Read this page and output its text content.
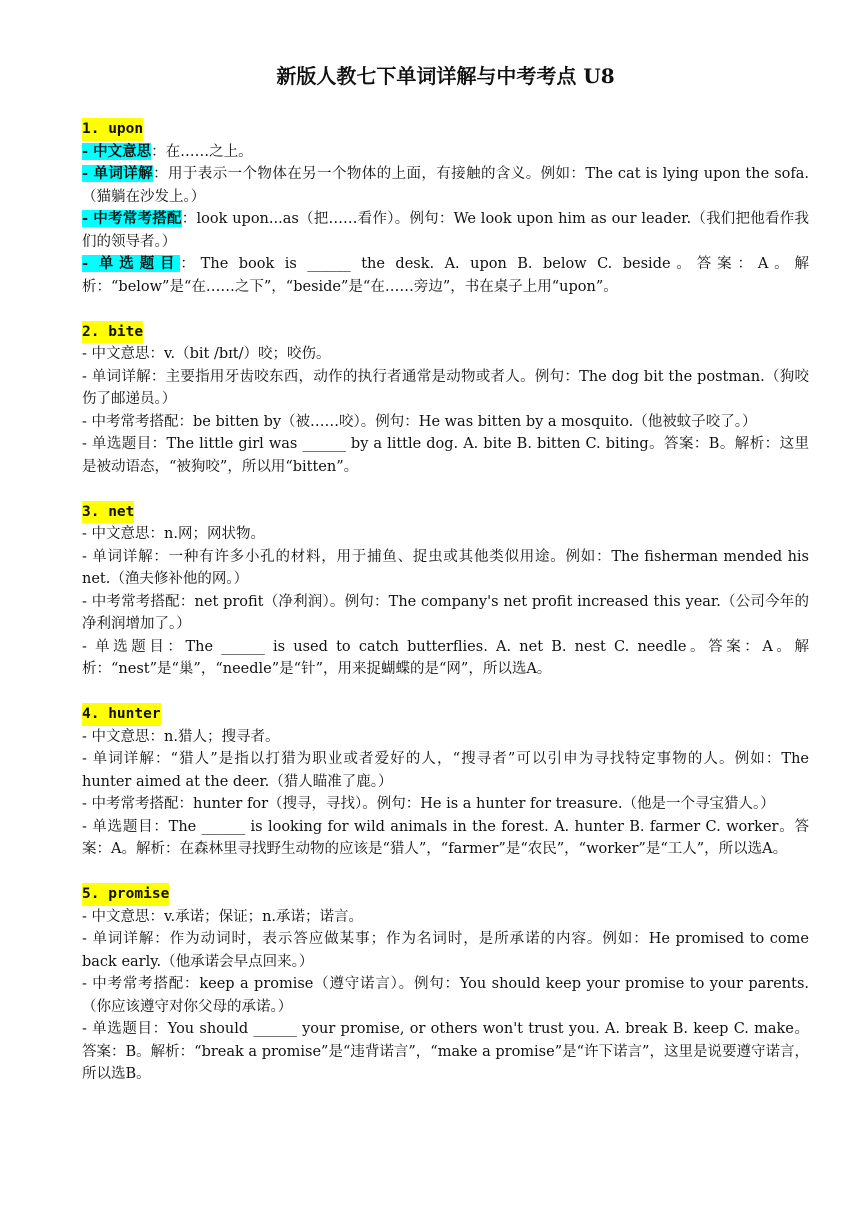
新版人教七下单词详解与中考考点 U8
1. upon
- 中文意思：在……之上。
- 单词详解：用于表示一个物体在另一个物体的上面，有接触的含义。例如：The cat is lying upon the sofa.（猫躺在沙发上。）
- 中考常考搭配：look upon...as（把……看作）。例句：We look upon him as our leader.（我们把他看作我们的领导者。）
- 单选题目：The book is ______ the desk. A. upon B. below C. beside。答案：A。解析：“below”是“在……之下”，“beside”是“在……旁边”，书在桌子上用“upon”。
2. bite
- 中文意思：v.（bit /bɪt/）咬；咬伤。
- 单词详解：主要指用牙齿咬东西，动作的执行者通常是动物或者人。例句：The dog bit the postman.（狗咬伤了邮递员。）
- 中考常考搭配：be bitten by（被……咬）。例句：He was bitten by a mosquito.（他被蚊子咬了。）
- 单选题目：The little girl was ______ by a little dog. A. bite B. bitten C. biting。答案：B。解析：这里是被动语态，“被狗咬”，所以用“bitten”。
3. net
- 中文意思：n.网；网状物。
- 单词详解：一种有许多小孔的材料，用于捕鱼、捉虫或其他类似用途。例如：The fisherman mended his net.（渔夫修补他的网。）
- 中考常考搭配：net profit（净利润）。例句：The company's net profit increased this year.（公司今年的净利润增加了。）
- 单选题目：The ______ is used to catch butterflies. A. net B. nest C. needle。答案：A。解析：“nest”是“巢”，“needle”是“针”，用来捉蝴蝶的是“网”，所以选A。
4. hunter
- 中文意思：n.猎人；搜寻者。
- 单词详解：“猎人”是指以打猎为职业或者爱好的人，“搜寻者”可以引申为寻找特定事物的人。例如：The hunter aimed at the deer.（猎人瞄准了鹿。）
- 中考常考搭配：hunter for（搜寻，寻找）。例句：He is a hunter for treasure.（他是一个寻宝猎人。）
- 单选题目：The ______ is looking for wild animals in the forest. A. hunter B. farmer C. worker。答案：A。解析：在森林里寻找野生动物的应该是“猎人”，“farmer”是“农民”，“worker”是“工人”，所以选A。
5. promise
- 中文意思：v.承诺；保证；n.承诺；诺言。
- 单词详解：作为动词时，表示答应做某事；作为名词时，是所承诺的内容。例如：He promised to come back early.（他承诺会早点回来。）
- 中考常考搭配：keep a promise（遵守诺言）。例句：You should keep your promise to your parents.（你应该遵守对你父母的承诺。）
- 单选题目：You should ______ your promise, or others won't trust you. A. break B. keep C. make。答案：B。解析：“break a promise”是“违背诺言”，“make a promise”是“许下诺言”，这里是说要遵守诺言，所以选B。
